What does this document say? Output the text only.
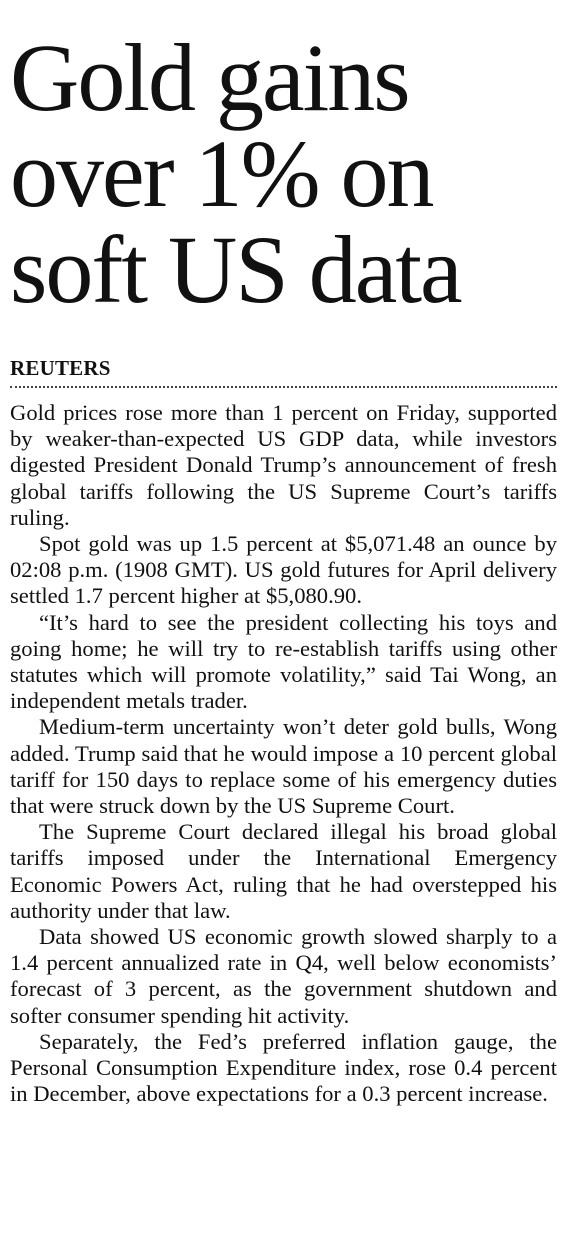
Gold gains
over 1% on
soft US data
REUTERS

Gold prices rose more than 1 percent on Friday, supported by weaker-than-expected US GDP data, while investors digested President Donald Trump’s announcement of fresh global tariffs following the US Supreme Court’s tariffs ruling.

Spot gold was up 1.5 percent at $5,071.48 an ounce by 02:08 p.m. (1908 GMT). US gold futures for April delivery settled 1.7 percent higher at $5,080.90.

“It’s hard to see the president collecting his toys and going home; he will try to re-establish tariffs using other statutes which will promote volatility,” said Tai Wong, an independent metals trader.

Medium-term uncertainty won’t deter gold bulls, Wong added. Trump said that he would impose a 10 percent global tariff for 150 days to replace some of his emergency duties that were struck down by the US Supreme Court.

The Supreme Court declared illegal his broad global tariffs imposed under the International Emergency Economic Powers Act, ruling that he had overstepped his authority under that law.

Data showed US economic growth slowed sharply to a 1.4 percent annualized rate in Q4, well below economists’ forecast of 3 percent, as the government shutdown and softer consumer spending hit activity.

Separately, the Fed’s preferred inflation gauge, the Personal Consumption Expenditure index, rose 0.4 percent in December, above expectations for a 0.3 percent increase.
